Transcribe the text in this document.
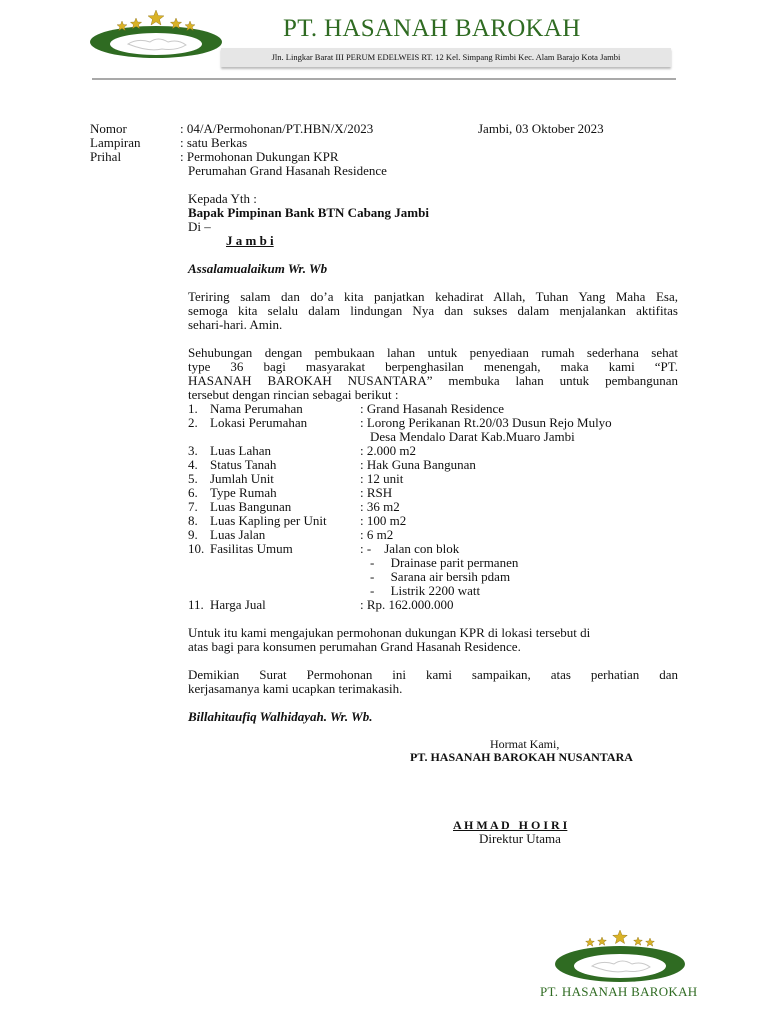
PT. HASANAH BAROKAH
Jln. Lingkar Barat III PERUM EDELWEIS RT. 12 Kel. Simpang Rimbi Kec. Alam Barajo Kota Jambi
Nomor	: 04/A/Permohonan/PT.HBN/X/2023	Jambi, 03 Oktober 2023
Lampiran	: satu Berkas
Prihal	: Permohonan Dukungan KPR
Perumahan Grand Hasanah Residence
Kepada Yth :
Bapak Pimpinan Bank BTN Cabang Jambi
Di –
J a m b i
Assalamualaikum Wr. Wb
Teriring salam dan do’a kita panjatkan kehadirat Allah, Tuhan Yang Maha Esa,
semoga kita selalu dalam lindungan Nya dan sukses dalam menjalankan aktifitas
sehari-hari. Amin.
Sehubungan dengan pembukaan lahan untuk penyediaan rumah sederhana sehat
type 36 bagi masyarakat berpenghasilan menengah, maka kami “PT.
HASANAH BAROKAH NUSANTARA” membuka lahan untuk pembangunan
tersebut dengan rincian sebagai berikut :
1. Nama Perumahan	: Grand Hasanah Residence
2. Lokasi Perumahan	: Lorong Perikanan Rt.20/03 Dusun Rejo Mulyo
Desa Mendalo Darat Kab.Muaro Jambi
3. Luas Lahan	: 2.000 m2
4. Status Tanah	: Hak Guna Bangunan
5. Jumlah Unit	: 12 unit
6. Type Rumah	: RSH
7. Luas Bangunan	: 36 m2
8. Luas Kapling per Unit	: 100 m2
9. Luas Jalan	: 6 m2
10. Fasilitas Umum	: -    Jalan con blok
-     Drainase parit permanen
-     Sarana air bersih pdam
-     Listrik 2200 watt
11. Harga Jual	: Rp. 162.000.000
Untuk itu kami mengajukan permohonan dukungan KPR di lokasi tersebut di
atas bagi para konsumen perumahan Grand Hasanah Residence.
Demikian Surat Permohonan ini kami sampaikan, atas perhatian dan
kerjasamanya kami ucapkan terimakasih.
Billahitaufiq Walhidayah. Wr. Wb.
Hormat Kami,
PT. HASANAH BAROKAH NUSANTARA
A H M A D   H O I R I
Direktur Utama
PT. HASANAH BAROKAH
